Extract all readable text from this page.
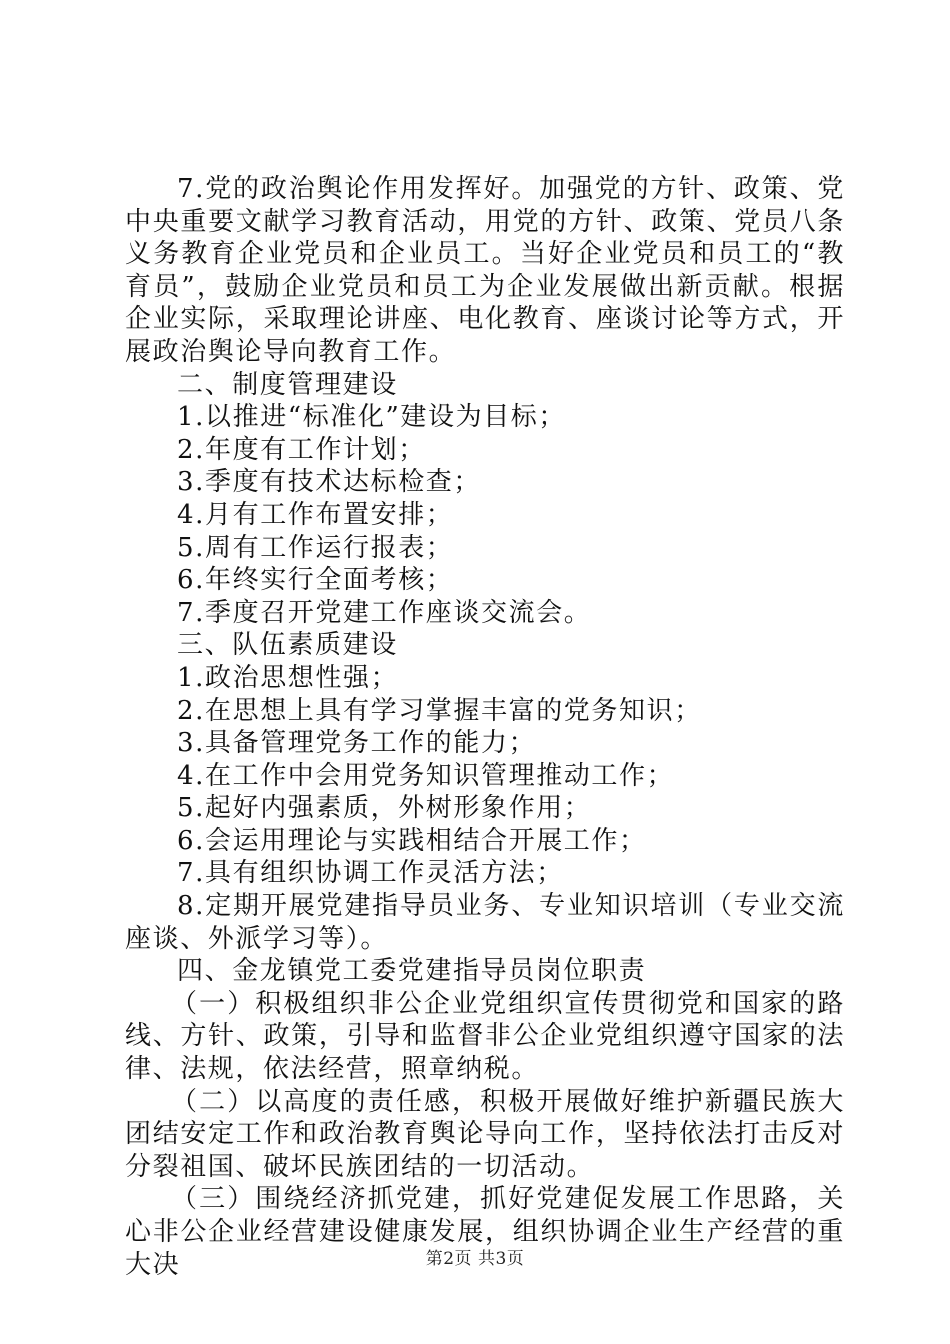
7.党的政治舆论作用发挥好。加强党的方针、政策、党中央重要文献学习教育活动，用党的方针、政策、党员八条义务教育企业党员和企业员工。当好企业党员和员工的“教育员”，鼓励企业党员和员工为企业发展做出新贡献。根据企业实际，采取理论讲座、电化教育、座谈讨论等方式，开展政治舆论导向教育工作。

二、制度管理建设

1.以推进“标准化”建设为目标；

2.年度有工作计划；

3.季度有技术达标检查；

4.月有工作布置安排；

5.周有工作运行报表；

6.年终实行全面考核；

7.季度召开党建工作座谈交流会。

三、队伍素质建设

1.政治思想性强；

2.在思想上具有学习掌握丰富的党务知识；

3.具备管理党务工作的能力；

4.在工作中会用党务知识管理推动工作；

5.起好内强素质，外树形象作用；

6.会运用理论与实践相结合开展工作；

7.具有组织协调工作灵活方法；

8.定期开展党建指导员业务、专业知识培训（专业交流座谈、外派学习等）。

四、金龙镇党工委党建指导员岗位职责

（一）积极组织非公企业党组织宣传贯彻党和国家的路线、方针、政策，引导和监督非公企业党组织遵守国家的法律、法规，依法经营，照章纳税。

（二）以高度的责任感，积极开展做好维护新疆民族大团结安定工作和政治教育舆论导向工作，坚持依法打击反对分裂祖国、破坏民族团结的一切活动。

（三）围绕经济抓党建，抓好党建促发展工作思路，关心非公企业经营建设健康发展，组织协调企业生产经营的重大决	第2页 共3页
